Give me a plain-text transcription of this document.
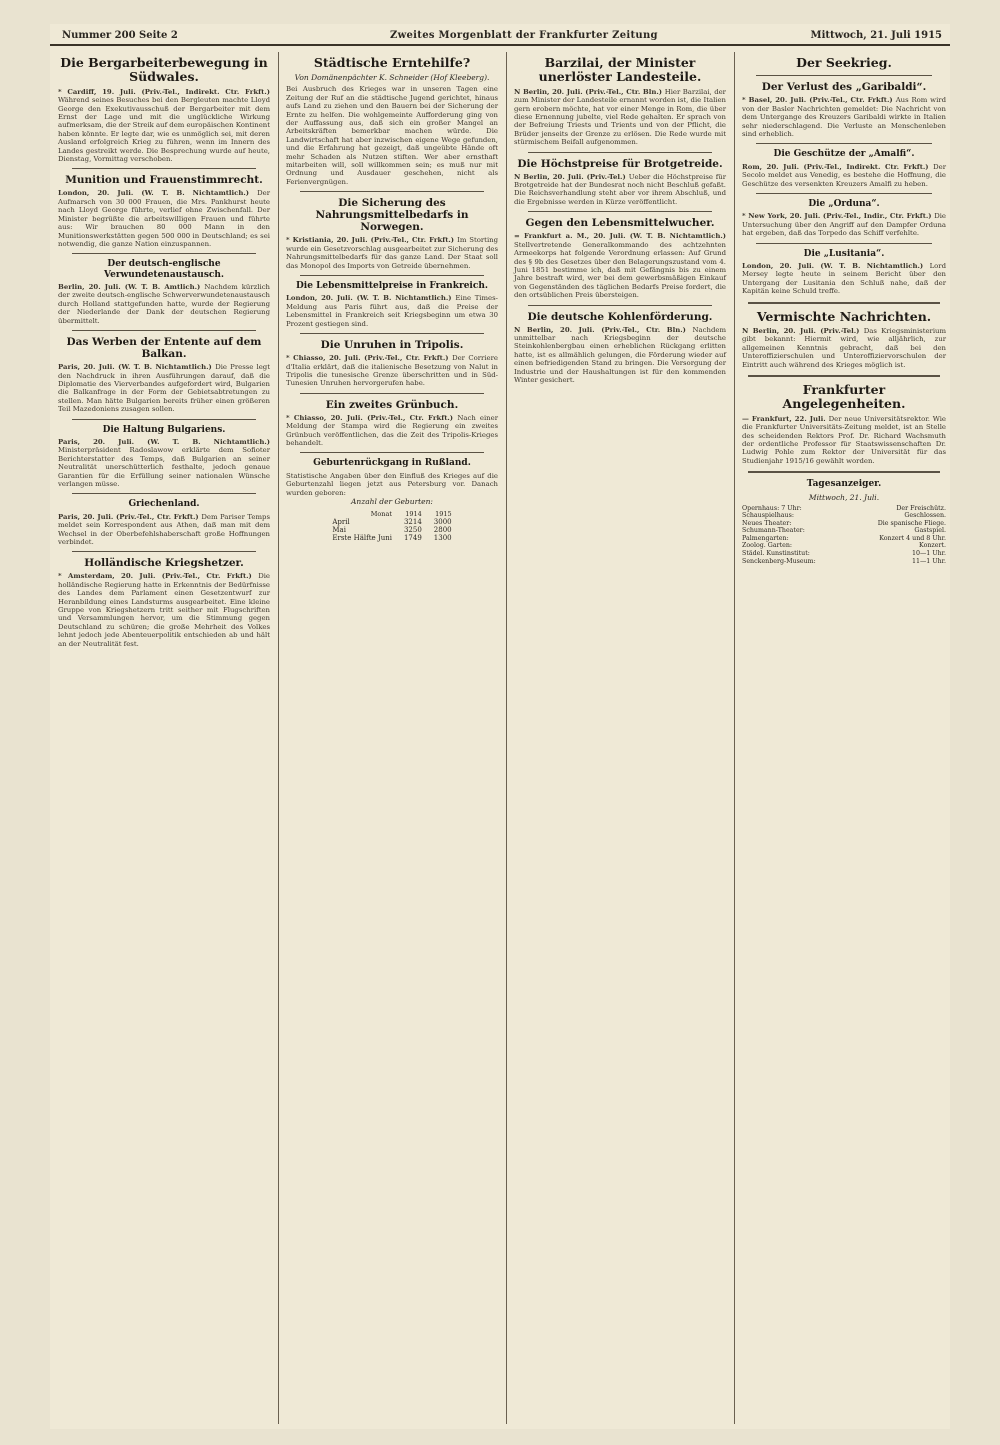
Nummer 200 Seite 2	Zweites Morgenblatt der Frankfurter Zeitung	Mittwoch, 21. Juli 1915
Die Bergarbeiterbewegung in Südwales.
* Cardiff, 19. Juli. (Priv.-Tel., Indirekt. Ctr. Frkft.) Während seines Besuches bei den Bergleuten machte Lloyd George den Exekutivausschuß der Bergarbeiter mit dem Ernst der Lage und mit die unglückliche Wirkung aufmerksam, die der Streik auf dem europäischen Kontinent haben könnte. Er legte dar, wie es unmöglich sei, mit deren Ausland erfolgreich Krieg zu führen, wenn im Innern des Landes gestreikt werde. Die Besprechung wurde auf heute, Dienstag, Vormittag verschoben.
Munition und Frauenstimmrecht.
London, 20. Juli. (W. T. B. Nichtamtlich.) Der Aufmarsch von 30 000 Frauen, die Mrs. Pankhurst heute nach Lloyd George führte, verlief ohne Zwischenfall. Der Minister begrüßte die arbeitswilligen Frauen und führte aus: Wir brauchen 80 000 Mann in den Munitionswerkstätten gegen 500 000 in Deutschland; es sei notwendig, die ganze Nation einzuspannen.
Der deutsch-englische Verwundetenaustausch.
Berlin, 20. Juli. (W. T. B. Amtlich.) Nachdem kürzlich der zweite deutsch-englische Schwerverwundetenaustausch durch Holland stattgefunden hatte, wurde der Regierung der Niederlande der Dank der deutschen Regierung übermittelt.
Das Werben der Entente auf dem Balkan.
Paris, 20. Juli. (W. T. B. Nichtamtlich.) Die Presse legt den Nachdruck in ihren Ausführungen darauf, daß die Diplomatie des Vierverbandes aufgefordert wird, Bulgarien die Balkanfrage in der Form der Gebietsabtretungen zu stellen. Man hätte Bulgarien bereits früher einen größeren Teil Mazedoniens zusagen sollen.
Die Haltung Bulgariens.
Paris, 20. Juli. (W. T. B. Nichtamtlich.) Ministerpräsident Radoslawow erklärte dem Sofioter Berichterstatter des Temps, daß Bulgarien an seiner Neutralität unerschütterlich festhalte, jedoch genaue Garantien für die Erfüllung seiner nationalen Wünsche verlangen müsse.
Griechenland.
Paris, 20. Juli. (Priv.-Tel., Ctr. Frkft.) Dem Pariser Temps meldet sein Korrespondent aus Athen, daß man mit dem Wechsel in der Oberbefehlshaberschaft große Hoffnungen verbindet.
Holländische Kriegshetzer.
* Amsterdam, 20. Juli. (Priv.-Tel., Ctr. Frkft.) Die holländische Regierung hatte in Erkenntnis der Bedürfnisse des Landes dem Parlament einen Gesetzentwurf zur Heranbildung eines Landsturms ausgearbeitet. Eine kleine Gruppe von Kriegshetzern tritt seither mit Flugschriften und Versammlungen hervor, um die Stimmung gegen Deutschland zu schüren; die große Mehrheit des Volkes lehnt jedoch jede Abenteuerpolitik entschieden ab und hält an der Neutralität fest.
Städtische Erntehilfe?
Von Domänenpächter K. Schneider (Hof Kleeberg).
Bei Ausbruch des Krieges war in unseren Tagen eine Zeitung der Ruf an die städtische Jugend gerichtet, hinaus aufs Land zu ziehen und den Bauern bei der Sicherung der Ernte zu helfen. Die wohlgemeinte Aufforderung ging von der Auffassung aus, daß sich ein großer Mangel an Arbeitskräften bemerkbar machen würde. Die Landwirtschaft hat aber inzwischen eigene Wege gefunden, und die Erfahrung hat gezeigt, daß ungeübte Hände oft mehr Schaden als Nutzen stiften. Wer aber ernsthaft mitarbeiten will, soll willkommen sein; es muß nur mit Ordnung und Ausdauer geschehen, nicht als Ferienvergnügen.
Die Sicherung des Nahrungsmittelbedarfs in Norwegen.
* Kristiania, 20. Juli. (Priv.-Tel., Ctr. Frkft.) Im Storting wurde ein Gesetzvorschlag ausgearbeitet zur Sicherung des Nahrungsmittelbedarfs für das ganze Land. Der Staat soll das Monopol des Imports von Getreide übernehmen.
Die Lebensmittelpreise in Frankreich.
London, 20. Juli. (W. T. B. Nichtamtlich.) Eine Times-Meldung aus Paris führt aus, daß die Preise der Lebensmittel in Frankreich seit Kriegsbeginn um etwa 30 Prozent gestiegen sind.
Die Unruhen in Tripolis.
* Chiasso, 20. Juli. (Priv.-Tel., Ctr. Frkft.) Der Corriere d'Italia erklärt, daß die italienische Besetzung von Nalut in Tripolis die tunesische Grenze überschritten und in Süd-Tunesien Unruhen hervorgerufen habe.
Ein zweites Grünbuch.
* Chiasso, 20. Juli. (Priv.-Tel., Ctr. Frkft.) Nach einer Meldung der Stampa wird die Regierung ein zweites Grünbuch veröffentlichen, das die Zeit des Tripolis-Krieges behandelt.
Geburtenrückgang in Rußland.
Statistische Angaben über den Einfluß des Krieges auf die Geburtenzahl liegen jetzt aus Petersburg vor. Danach wurden geboren:
Anzahl der Geburten:
Monat	1914	1915
April	3214	3000
Mai	3250	2800
Erste Hälfte Juni	1749	1300
Barzilai, der Minister unerlöster Landesteile.
N Berlin, 20. Juli. (Priv.-Tel., Ctr. Bln.) Hier Barzilai, der zum Minister der Landesteile ernannt worden ist, die Italien gern erobern möchte, hat vor einer Menge in Rom, die über diese Ernennung jubelte, viel Rede gehalten. Er sprach von der Befreiung Triests und Trients und von der Pflicht, die Brüder jenseits der Grenze zu erlösen. Die Rede wurde mit stürmischem Beifall aufgenommen.
Die Höchstpreise für Brotgetreide.
N Berlin, 20. Juli. (Priv.-Tel.) Ueber die Höchstpreise für Brotgetreide hat der Bundesrat noch nicht Beschluß gefaßt. Die Reichsverhandlung steht aber vor ihrem Abschluß, und die Ergebnisse werden in Kürze veröffentlicht.
Gegen den Lebensmittelwucher.
= Frankfurt a. M., 20. Juli. (W. T. B. Nichtamtlich.) Stellvertretende Generalkommando des achtzehnten Armeekorps hat folgende Verordnung erlassen: Auf Grund des § 9b des Gesetzes über den Belagerungszustand vom 4. Juni 1851 bestimme ich, daß mit Gefängnis bis zu einem Jahre bestraft wird, wer bei dem gewerbsmäßigen Einkauf von Gegenständen des täglichen Bedarfs Preise fordert, die den ortsüblichen Preis übersteigen.
Die deutsche Kohlenförderung.
N Berlin, 20. Juli. (Priv.-Tel., Ctr. Bln.) Nachdem unmittelbar nach Kriegsbeginn der deutsche Steinkohlenbergbau einen erheblichen Rückgang erlitten hatte, ist es allmählich gelungen, die Förderung wieder auf einen befriedigenden Stand zu bringen. Die Versorgung der Industrie und der Haushaltungen ist für den kommenden Winter gesichert.
Der Seekrieg.
Der Verlust des „Garibaldi“.
* Basel, 20. Juli. (Priv.-Tel., Ctr. Frkft.) Aus Rom wird von der Basler Nachrichten gemeldet: Die Nachricht von dem Untergange des Kreuzers Garibaldi wirkte in Italien sehr niederschlagend. Die Verluste an Menschenleben sind erheblich.
Die Geschütze der „Amalfi“.
Rom, 20. Juli. (Priv.-Tel., Indirekt. Ctr. Frkft.) Der Secolo meldet aus Venedig, es bestehe die Hoffnung, die Geschütze des versenkten Kreuzers Amalfi zu heben.
Die „Orduna“.
* New York, 20. Juli. (Priv.-Tel., Indir., Ctr. Frkft.) Die Untersuchung über den Angriff auf den Dampfer Orduna hat ergeben, daß das Torpedo das Schiff verfehlte.
Die „Lusitania“.
London, 20. Juli. (W. T. B. Nichtamtlich.) Lord Mersey legte heute in seinem Bericht über den Untergang der Lusitania den Schluß nahe, daß der Kapitän keine Schuld treffe.
Vermischte Nachrichten.
N Berlin, 20. Juli. (Priv.-Tel.) Das Kriegsministerium gibt bekannt: Hiermit wird, wie alljährlich, zur allgemeinen Kenntnis gebracht, daß bei den Unteroffizierschulen und Unteroffiziervorschulen der Eintritt auch während des Krieges möglich ist.
Frankfurter Angelegenheiten.
— Frankfurt, 22. Juli. Der neue Universitätsrektor. Wie die Frankfurter Universitäts-Zeitung meldet, ist an Stelle des scheidenden Rektors Prof. Dr. Richard Wachsmuth der ordentliche Professor für Staatswissenschaften Dr. Ludwig Pohle zum Rektor der Universität für das Studienjahr 1915/16 gewählt worden.
Tagesanzeiger.
Mittwoch, 21. Juli.
Opernhaus: 7 Uhr:	Der Freischütz.
Schauspielhaus:	Geschlossen.
Neues Theater:	Die spanische Fliege.
Schumann-Theater:	Gastspiel.
Palmengarten:	Konzert 4 und 8 Uhr.
Zoolog. Garten:	Konzert.
Städel. Kunstinstitut:	10—1 Uhr.
Senckenberg-Museum:	11—1 Uhr.
